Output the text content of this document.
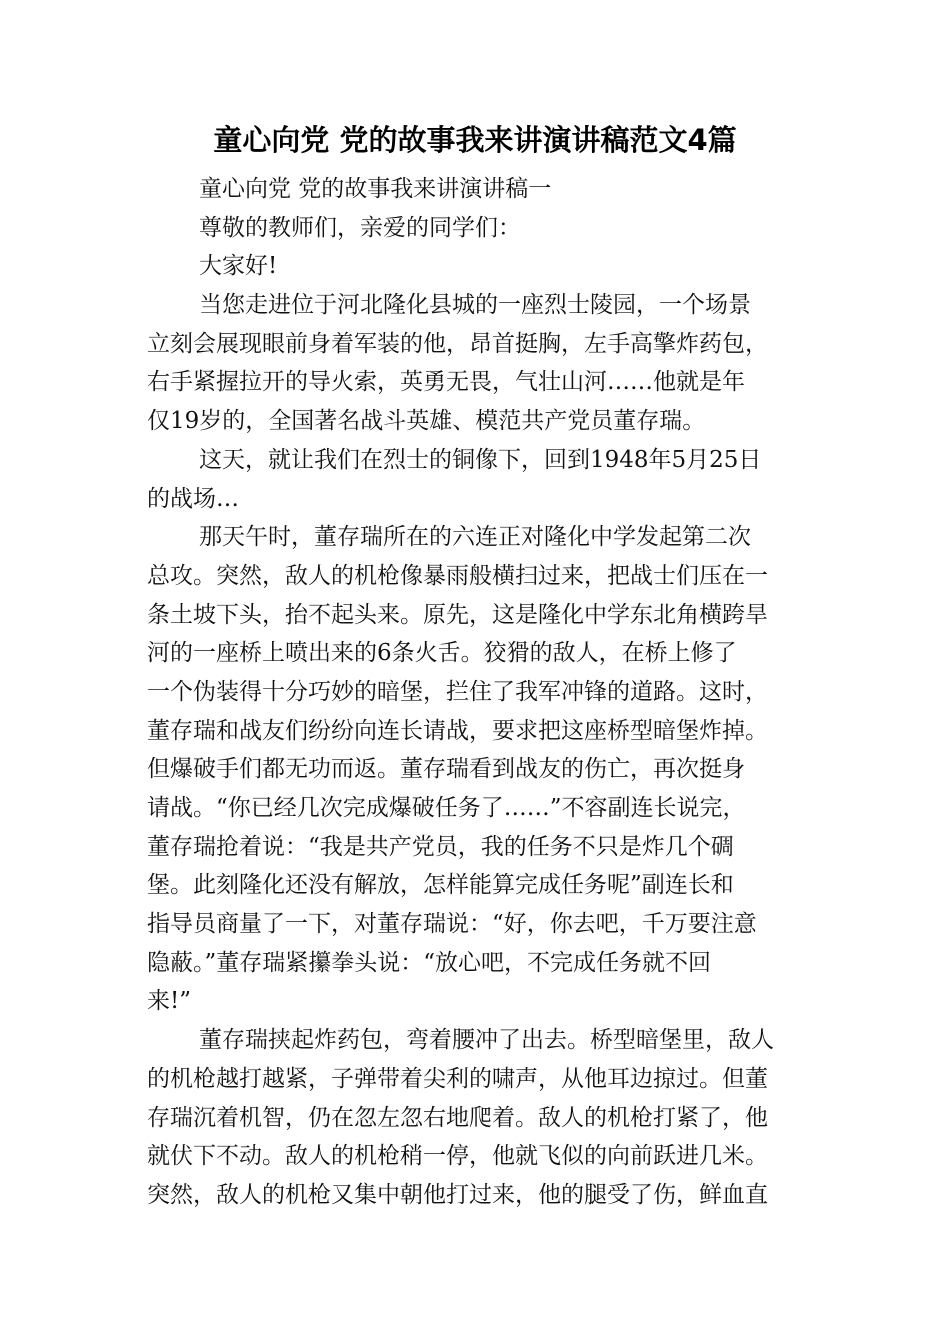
童心向党 党的故事我来讲演讲稿范文4篇
童心向党 党的故事我来讲演讲稿一
尊敬的教师们，亲爱的同学们：
大家好!
当您走进位于河北隆化县城的一座烈士陵园，一个场景
立刻会展现眼前身着军装的他，昂首挺胸，左手高擎炸药包，
右手紧握拉开的导火索，英勇无畏，气壮山河……他就是年
仅19岁的，全国著名战斗英雄、模范共产党员董存瑞。
这天，就让我们在烈士的铜像下，回到1948年5月25日
的战场…
那天午时，董存瑞所在的六连正对隆化中学发起第二次
总攻。突然，敌人的机枪像暴雨般横扫过来，把战士们压在一
条土坡下头，抬不起头来。原先，这是隆化中学东北角横跨旱
河的一座桥上喷出来的6条火舌。狡猾的敌人，在桥上修了
一个伪装得十分巧妙的暗堡，拦住了我军冲锋的道路。这时，
董存瑞和战友们纷纷向连长请战，要求把这座桥型暗堡炸掉。
但爆破手们都无功而返。董存瑞看到战友的伤亡，再次挺身
请战。“你已经几次完成爆破任务了……”不容副连长说完，
董存瑞抢着说：“我是共产党员，我的任务不只是炸几个碉
堡。此刻隆化还没有解放，怎样能算完成任务呢”副连长和
指导员商量了一下，对董存瑞说：“好，你去吧，千万要注意
隐蔽。”董存瑞紧攥拳头说：“放心吧，不完成任务就不回
来!”
董存瑞挟起炸药包，弯着腰冲了出去。桥型暗堡里，敌人
的机枪越打越紧，子弹带着尖利的啸声，从他耳边掠过。但董
存瑞沉着机智，仍在忽左忽右地爬着。敌人的机枪打紧了，他
就伏下不动。敌人的机枪稍一停，他就飞似的向前跃进几米。
突然，敌人的机枪又集中朝他打过来，他的腿受了伤，鲜血直
